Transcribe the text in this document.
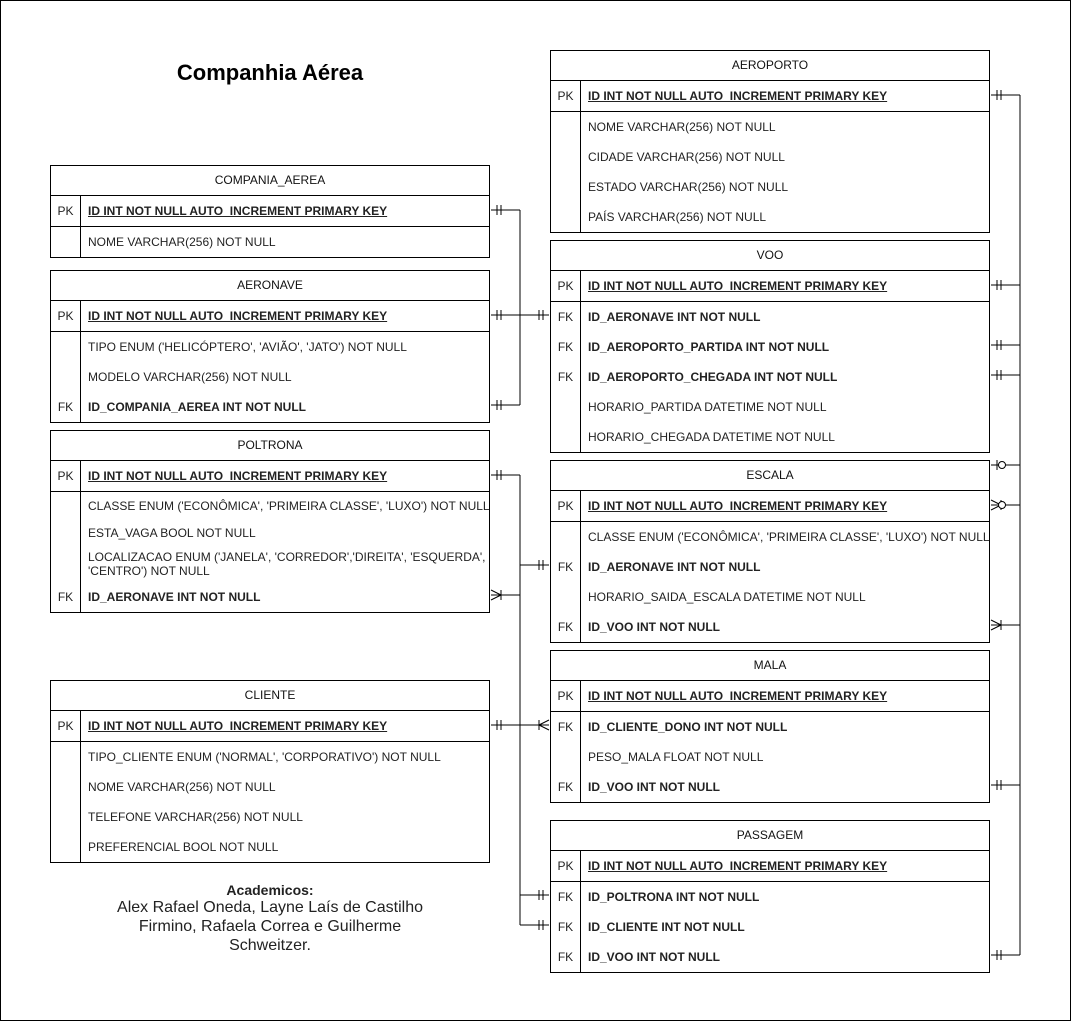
Companhia Aérea
COMPANIA_AEREA
PK	ID INT NOT NULL AUTO_INCREMENT PRIMARY KEY
NOME VARCHAR(256) NOT NULL
AERONAVE
PK	ID INT NOT NULL AUTO_INCREMENT PRIMARY KEY
TIPO ENUM ('HELICÓPTERO', 'AVIÃO', 'JATO') NOT NULL
MODELO VARCHAR(256) NOT NULL
FK	ID_COMPANIA_AEREA INT NOT NULL
POLTRONA
PK	ID INT NOT NULL AUTO_INCREMENT PRIMARY KEY
CLASSE ENUM ('ECONÔMICA', 'PRIMEIRA CLASSE', 'LUXO') NOT NULL
ESTA_VAGA BOOL NOT NULL
LOCALIZACAO ENUM ('JANELA', 'CORREDOR','DIREITA', 'ESQUERDA', 'CENTRO') NOT NULL
FK	ID_AERONAVE INT NOT NULL
CLIENTE
PK	ID INT NOT NULL AUTO_INCREMENT PRIMARY KEY
TIPO_CLIENTE ENUM ('NORMAL', 'CORPORATIVO') NOT NULL
NOME VARCHAR(256) NOT NULL
TELEFONE VARCHAR(256) NOT NULL
PREFERENCIAL BOOL NOT NULL
AEROPORTO
PK	ID INT NOT NULL AUTO_INCREMENT PRIMARY KEY
NOME VARCHAR(256) NOT NULL
CIDADE VARCHAR(256) NOT NULL
ESTADO VARCHAR(256) NOT NULL
PAÍS VARCHAR(256) NOT NULL
VOO
PK	ID INT NOT NULL AUTO_INCREMENT PRIMARY KEY
FK	ID_AERONAVE INT NOT NULL
FK	ID_AEROPORTO_PARTIDA INT NOT NULL
FK	ID_AEROPORTO_CHEGADA INT NOT NULL
HORARIO_PARTIDA DATETIME NOT NULL
HORARIO_CHEGADA DATETIME NOT NULL
ESCALA
PK	ID INT NOT NULL AUTO_INCREMENT PRIMARY KEY
CLASSE ENUM ('ECONÔMICA', 'PRIMEIRA CLASSE', 'LUXO') NOT NULL
FK	ID_AERONAVE INT NOT NULL
HORARIO_SAIDA_ESCALA DATETIME NOT NULL
FK	ID_VOO INT NOT NULL
MALA
PK	ID INT NOT NULL AUTO_INCREMENT PRIMARY KEY
FK	ID_CLIENTE_DONO INT NOT NULL
PESO_MALA FLOAT NOT NULL
FK	ID_VOO INT NOT NULL
PASSAGEM
PK	ID INT NOT NULL AUTO_INCREMENT PRIMARY KEY
FK	ID_POLTRONA INT NOT NULL
FK	ID_CLIENTE INT NOT NULL
FK	ID_VOO INT NOT NULL
Academicos:
Alex Rafael Oneda, Layne Laís de Castilho Firmino, Rafaela Correa e Guilherme Schweitzer.
